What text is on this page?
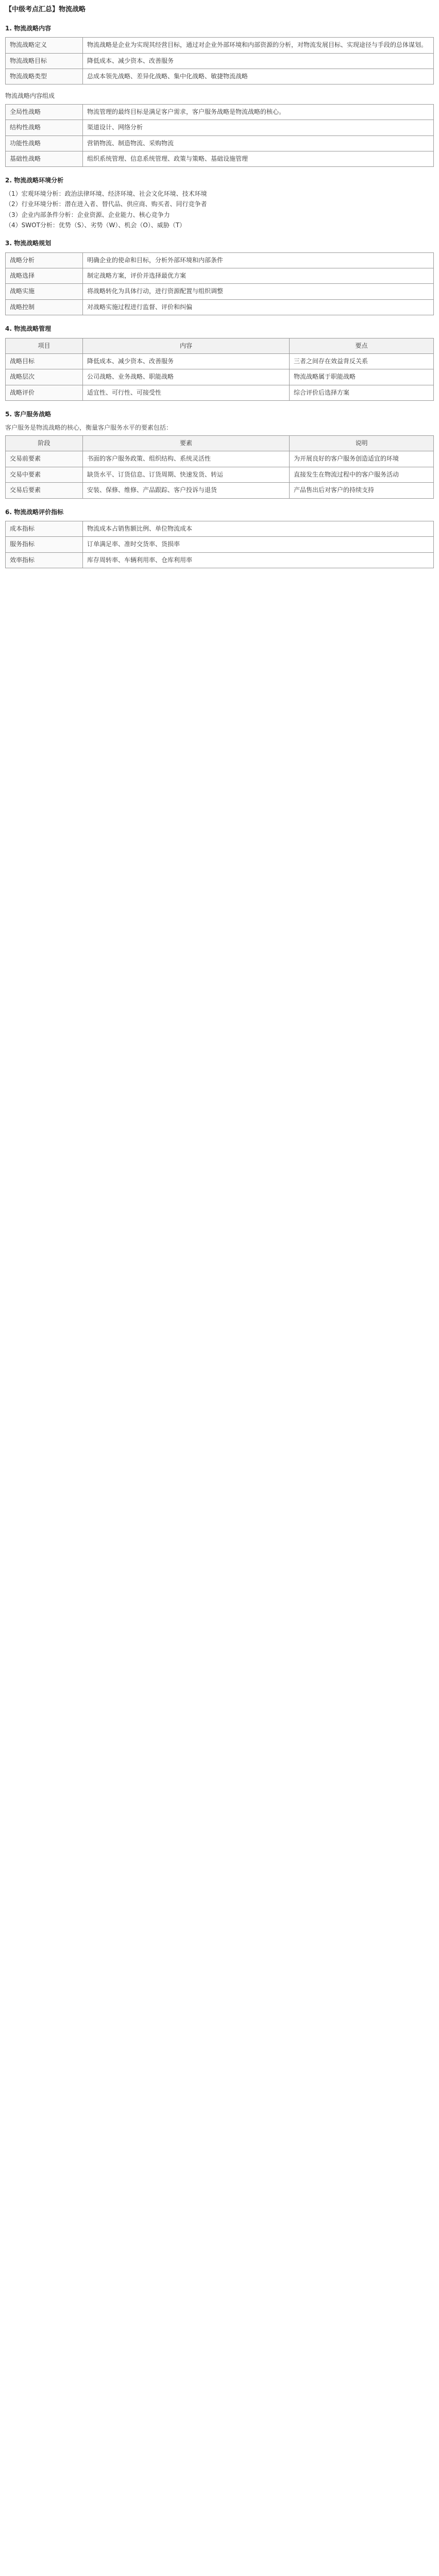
【中级考点汇总】物流战略
1. 物流战略内容
物流战略定义	物流战略是企业为实现其经营目标，通过对企业外部环境和内部资源的分析，对物流发展目标、实现途径与手段的总体谋划。
物流战略目标	降低成本、减少资本、改善服务
物流战略类型	总成本领先战略、差异化战略、集中化战略、敏捷物流战略
物流战略内容组成
全局性战略	物流管理的最终目标是满足客户需求，客户服务战略是物流战略的核心。
结构性战略	渠道设计、网络分析
功能性战略	营销物流、制造物流、采购物流
基础性战略	组织系统管理、信息系统管理、政策与策略、基础设施管理
2. 物流战略环境分析
（1）宏观环境分析：政治法律环境、经济环境、社会文化环境、技术环境
（2）行业环境分析：潜在进入者、替代品、供应商、购买者、同行竞争者
（3）企业内部条件分析：企业资源、企业能力、核心竞争力
（4）SWOT分析：优势（S）、劣势（W）、机会（O）、威胁（T）
3. 物流战略规划
战略分析	明确企业的使命和目标，分析外部环境和内部条件
战略选择	制定战略方案，评价并选择最优方案
战略实施	将战略转化为具体行动，进行资源配置与组织调整
战略控制	对战略实施过程进行监督、评价和纠偏
4. 物流战略管理
项目	内容	要点
战略目标	降低成本、减少资本、改善服务	三者之间存在效益背反关系
战略层次	公司战略、业务战略、职能战略	物流战略属于职能战略
战略评价	适宜性、可行性、可接受性	综合评价后选择方案
5. 客户服务战略
客户服务是物流战略的核心，衡量客户服务水平的要素包括：
阶段	要素	说明
交易前要素	书面的客户服务政策、组织结构、系统灵活性	为开展良好的客户服务创造适宜的环境
交易中要素	缺货水平、订货信息、订货周期、快速发货、转运	直接发生在物流过程中的客户服务活动
交易后要素	安装、保修、维修、产品跟踪、客户投诉与退货	产品售出后对客户的持续支持
6. 物流战略评价指标
成本指标	物流成本占销售额比例、单位物流成本
服务指标	订单满足率、准时交货率、货损率
效率指标	库存周转率、车辆利用率、仓库利用率
